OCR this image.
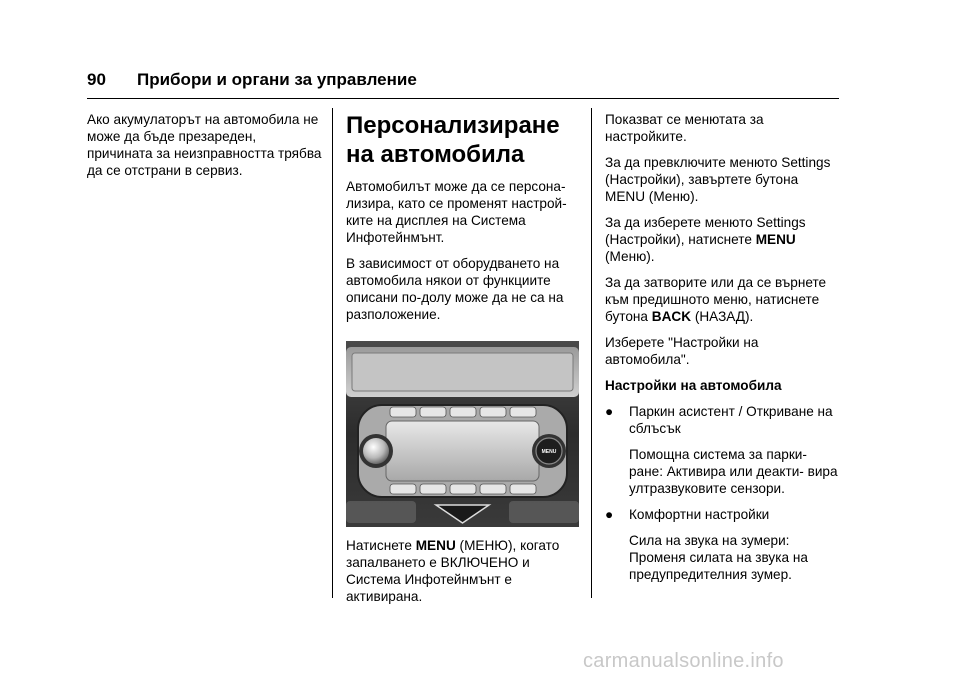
90 Прибори и органи за управление

Ако акумулаторът на автомобила не може да бъде презареден, причината за неизправността трябва да се отстрани в сервиз.

Персонализиране на автомобила

Автомобилът може да се персона- лизира, като се променят настрой- ките на дисплея на Система Инфотейнмънт.

В зависимост от оборудването на автомобила някои от функциите описани по-долу може да не са на разположение.

MENU

Натиснете MENU (МЕНЮ), когато запалването е ВКЛЮЧЕНО и Система Инфотейнмънт е активирана.

Показват се менютата за настройките.

За да превключите менюто Settings (Настройки), завъртете бутона MENU (Меню).

За да изберете менюто Settings (Настройки), натиснете MENU (Меню).

За да затворите или да се върнете към предишното меню, натиснете бутона BACK (НАЗАД).

Изберете "Настройки на автомобила".

Настройки на автомобила
● Паркин асистент / Откриване на сблъсък

Помощна система за парки- ране: Активира или деакти- вира ултразвуковите сензори.

● Комфортни настройки

Сила на звука на зумери: Променя силата на звука на предупредителния зумер.

carmanualsonline.info
